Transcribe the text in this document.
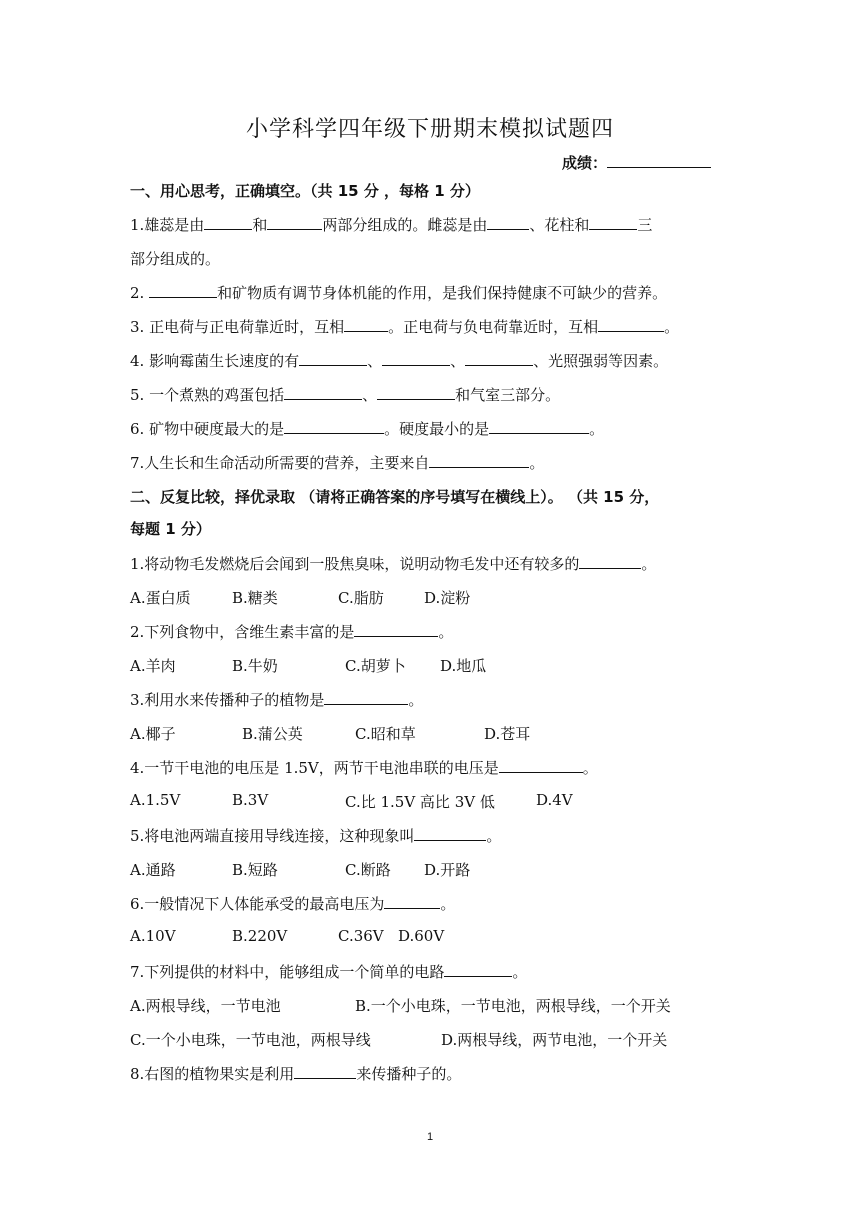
小学科学四年级下册期末模拟试题四
成绩：
一、用心思考，正确填空。（共 15 分 ，每格 1 分）
1.雄蕊是由	和	两部分组成的。雌蕊是由	、花柱和	三
部分组成的。
2.	和矿物质有调节身体机能的作用，是我们保持健康不可缺少的营养。
3. 正电荷与正电荷靠近时，互相	。正电荷与负电荷靠近时，互相	。
4. 影响霉菌生长速度的有	、	、	、光照强弱等因素。
5. 一个煮熟的鸡蛋包括	、	和气室三部分。
6. 矿物中硬度最大的是	。硬度最小的是	。
7.人生长和生命活动所需要的营养，主要来自	。
二、反复比较，择优录取 （请将正确答案的序号填写在横线上）。 （共 15 分，
每题 1 分）
1.将动物毛发燃烧后会闻到一股焦臭味，说明动物毛发中还有较多的	。
A.蛋白质	B.糖类	C.脂肪	D.淀粉
2.下列食物中，含维生素丰富的是	。
A.羊肉	B.牛奶	C.胡萝卜 D.地瓜
3.利用水来传播种子的植物是	。
A.椰子	B.蒲公英	C.昭和草	D.苍耳
4.一节干电池的电压是 1.5V，两节干电池串联的电压是	。
A.1.5V	B.3V	C.比 1.5V 高比 3V 低	D.4V
5.将电池两端直接用导线连接，这种现象叫	。
A.通路	B.短路	C.断路 D.开路
6.一般情况下人体能承受的最高电压为	。
A.10V	B.220V	C.36V D.60V
7.下列提供的材料中，能够组成一个简单的电路	。
A.两根导线，一节电池	B.一个小电珠，一节电池，两根导线，一个开关
C.一个小电珠，一节电池，两根导线	D.两根导线，两节电池，一个开关
8.右图的植物果实是利用	来传播种子的。
1
